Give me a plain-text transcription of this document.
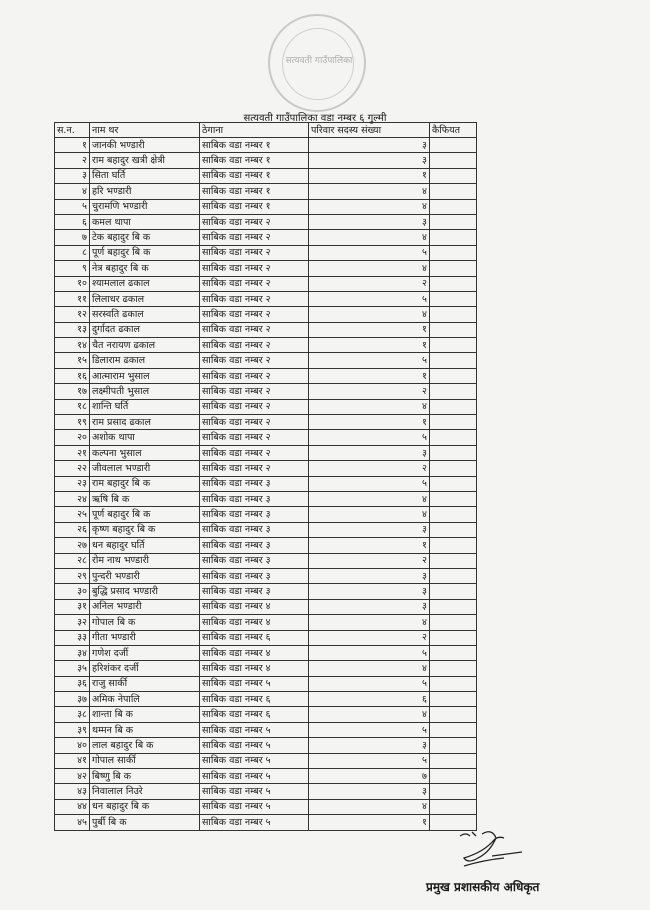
सत्यवती गाउँपालिका
सत्यवती गाउँपालिका वडा नम्बर ६ गुल्मी
स.न.	नाम थर	ठेगाना	परिवार सदस्य संख्या	कैफियत
१	जानकी भण्डारी	साबिक वडा नम्बर १	३	
२	राम बहादुर खत्री क्षेत्री	साबिक वडा नम्बर १	३	
३	सिता घर्ति	साबिक वडा नम्बर १	१	
४	हरि भण्डारी	साबिक वडा नम्बर १	४	
५	चुरामणि भण्डारी	साबिक वडा नम्बर १	४	
६	कमल थापा	साबिक वडा नम्बर २	३	
७	टेक बहादुर बि क	साबिक वडा नम्बर २	४	
८	पूर्ण बहादुर बि क	साबिक वडा नम्बर २	५	
९	नेत्र बहादुर बि क	साबिक वडा नम्बर २	४	
१०	श्यामलाल ढकाल	साबिक वडा नम्बर २	२	
११	लिलाधर ढकाल	साबिक वडा नम्बर २	५	
१२	सरस्वति ढकाल	साबिक वडा नम्बर २	४	
१३	दुर्गादत ढकाल	साबिक वडा नम्बर २	१	
१४	चैत नरायण ढकाल	साबिक वडा नम्बर २	१	
१५	डिलाराम ढकाल	साबिक वडा नम्बर २	५	
१६	आत्माराम भुसाल	साबिक वडा नम्बर २	१	
१७	लक्ष्मीपती भुसाल	साबिक वडा नम्बर २	२	
१८	शान्ति घर्ति	साबिक वडा नम्बर २	४	
१९	राम प्रसाद ढकाल	साबिक वडा नम्बर २	१	
२०	अशोक थापा	साबिक वडा नम्बर २	५	
२१	कल्पना भुसाल	साबिक वडा नम्बर २	३	
२२	जीवलाल भण्डारी	साबिक वडा नम्बर २	२	
२३	राम बहादुर बि क	साबिक वडा नम्बर ३	५	
२४	ऋषि बि क	साबिक वडा नम्बर ३	४	
२५	पूर्ण बहादुर बि क	साबिक वडा नम्बर ३	४	
२६	कृष्ण बहादुर बि क	साबिक वडा नम्बर ३	३	
२७	धन बहादुर घर्ति	साबिक वडा नम्बर ३	१	
२८	रोम नाथ भण्डारी	साबिक वडा नम्बर ३	२	
२९	पुन्दरी भण्डारी	साबिक वडा नम्बर ३	३	
३०	बुद्धि प्रसाद भण्डारी	साबिक वडा नम्बर ३	३	
३१	अनिल भण्डारी	साबिक वडा नम्बर ४	३	
३२	गोपाल बि क	साबिक वडा नम्बर ४	४	
३३	गीता भण्डारी	साबिक वडा नम्बर ६	२	
३४	गणेश दर्जी	साबिक वडा नम्बर ४	५	
३५	हरिशंकर दर्जी	साबिक वडा नम्बर ४	४	
३६	राजु सार्की	साबिक वडा नम्बर ५	५	
३७	अमिक नेपालि	साबिक वडा नम्बर ६	६	
३८	शान्ता बि क	साबिक वडा नम्बर ६	४	
३९	थम्मन बि क	साबिक वडा नम्बर ५	५	
४०	लाल बहादुर बि क	साबिक वडा नम्बर ५	३	
४१	गोपाल सार्की	साबिक वडा नम्बर ५	५	
४२	बिष्णु बि क	साबिक वडा नम्बर ५	७	
४३	निवालाल निउरे	साबिक वडा नम्बर ५	३	
४४	धन बहादुर बि क	साबिक वडा नम्बर ५	४	
४५	पुर्बी बि क	साबिक वडा नम्बर ५	१	
प्रमुख प्रशासकीय अधिकृत
